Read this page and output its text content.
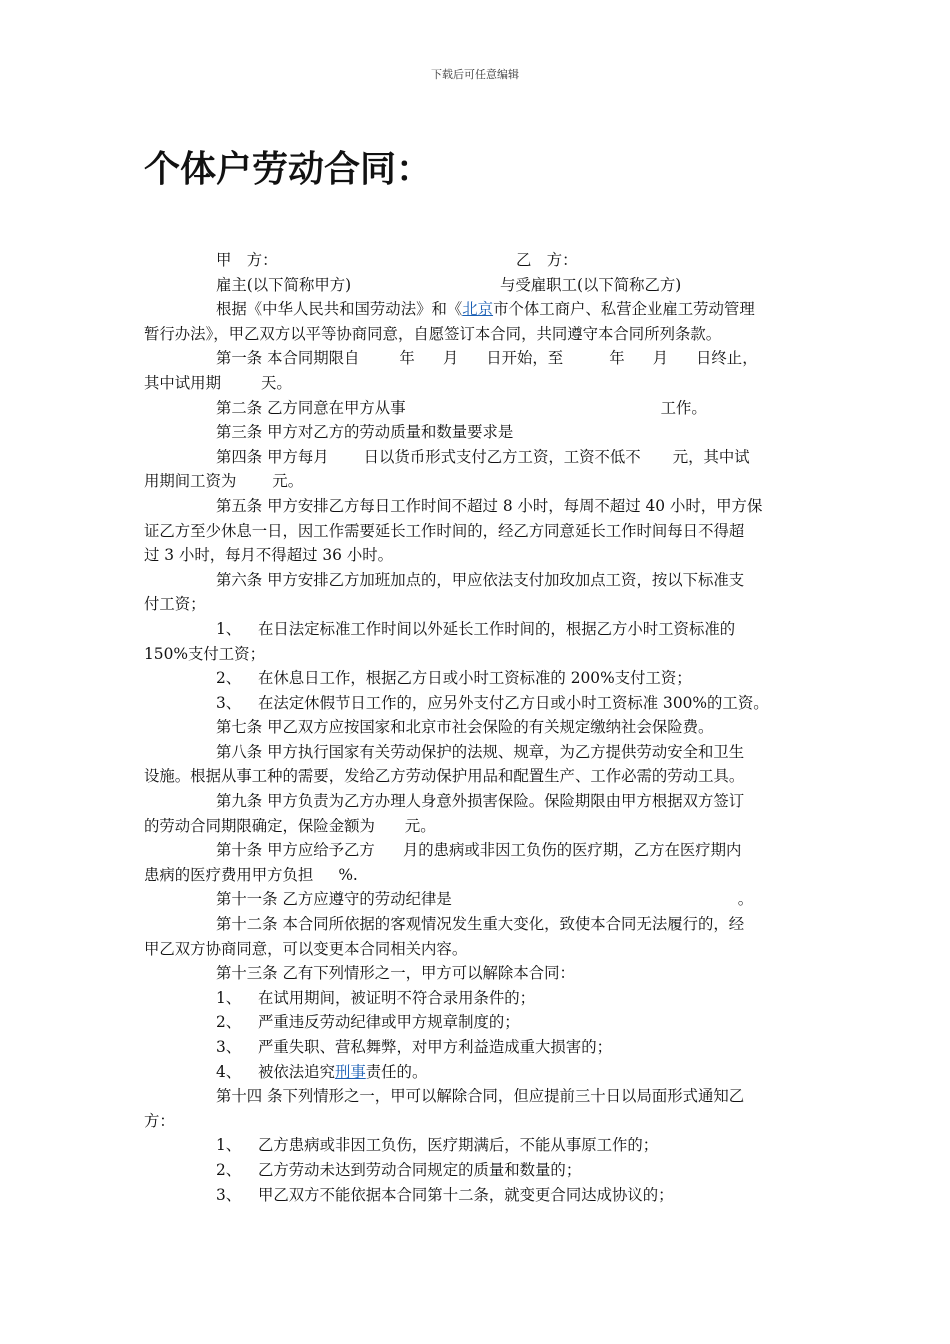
下载后可任意编辑
个体户劳动合同：
甲　方：	乙　方：
雇主(以下简称甲方)	与受雇职工(以下简称乙方)
根据《中华人民共和国劳动法》和《北京市个体工商户、私营企业雇工劳动管理
暂行办法》，甲乙双方以平等协商同意，自愿签订本合同，共同遵守本合同所列条款。
第一条 本合同期限自	年 月 日开始，至	年 月 日终止，
其中试用期	天。
第二条 乙方同意在甲方从事	工作。
第三条 甲方对乙方的劳动质量和数量要求是
第四条 甲方每月 日以货币形式支付乙方工资，工资不低不 元，其中试
用期间工资为 元。
第五条 甲方安排乙方每日工作时间不超过 8 小时，每周不超过 40 小时，甲方保
证乙方至少休息一日，因工作需要延长工作时间的，经乙方同意延长工作时间每日不得超
过 3 小时，每月不得超过 36 小时。
第六条 甲方安排乙方加班加点的，甲应依法支付加玫加点工资，按以下标准支
付工资；
1、 在日法定标准工作时间以外延长工作时间的，根据乙方小时工资标准的
150%支付工资；
2、 在休息日工作，根据乙方日或小时工资标准的 200%支付工资；
3、 在法定休假节日工作的，应另外支付乙方日或小时工资标准 300%的工资。
第七条 甲乙双方应按国家和北京市社会保险的有关规定缴纳社会保险费。
第八条 甲方执行国家有关劳动保护的法规、规章，为乙方提供劳动安全和卫生
设施。根据从事工种的需要，发给乙方劳动保护用品和配置生产、工作必需的劳动工具。
第九条 甲方负责为乙方办理人身意外损害保险。保险期限由甲方根据双方签订
的劳动合同期限确定，保险金额为 元。
第十条 甲方应给予乙方 月的患病或非因工负伤的医疗期，乙方在医疗期内
患病的医疗费用甲方负担 %.
第十一条 乙方应遵守的劳动纪律是	。
第十二条 本合同所依据的客观情况发生重大变化，致使本合同无法履行的，经
甲乙双方协商同意，可以变更本合同相关内容。
第十三条 乙有下列情形之一，甲方可以解除本合同：
1、 在试用期间，被证明不符合录用条件的；
2、 严重违反劳动纪律或甲方规章制度的；
3、 严重失职、营私舞弊，对甲方利益造成重大损害的；
4、 被依法追究刑事责任的。
第十四 条下列情形之一，甲可以解除合同，但应提前三十日以局面形式通知乙
方：
1、 乙方患病或非因工负伤，医疗期满后，不能从事原工作的；
2、 乙方劳动未达到劳动合同规定的质量和数量的；
3、 甲乙双方不能依据本合同第十二条，就变更合同达成协议的；
